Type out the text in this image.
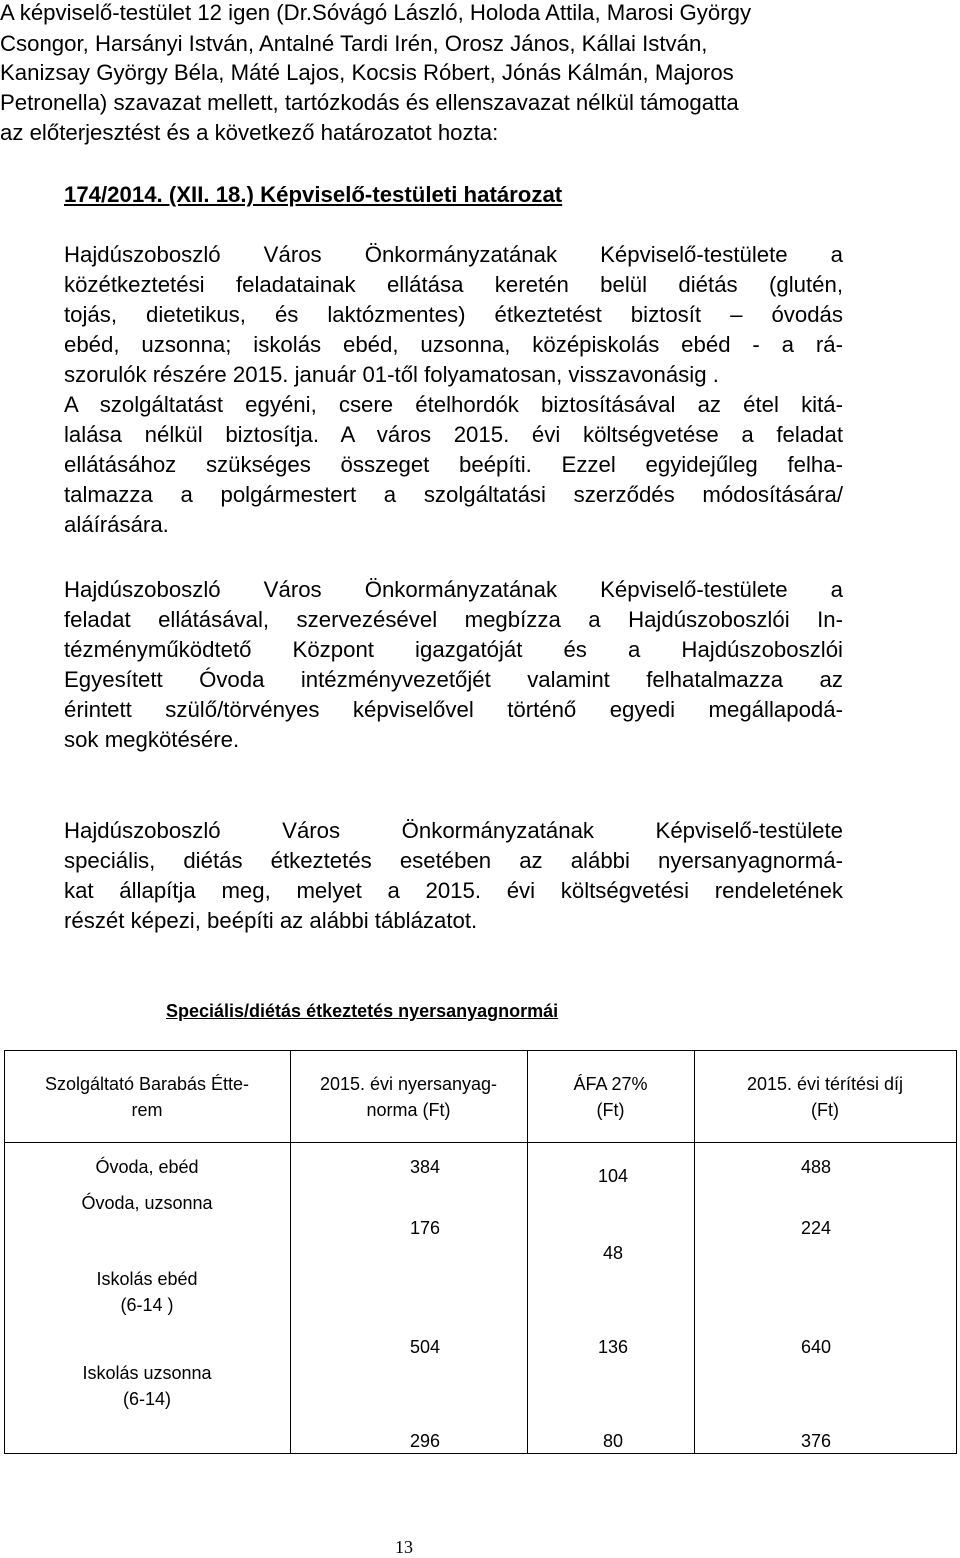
A képviselő-testület 12 igen (Dr.Sóvágó László, Holoda Attila, Marosi György
Csongor, Harsányi István, Antalné Tardi Irén, Orosz János, Kállai István,
Kanizsay György Béla, Máté Lajos, Kocsis Róbert, Jónás Kálmán, Majoros
Petronella) szavazat mellett, tartózkodás és ellenszavazat nélkül támogatta
az előterjesztést és a következő határozatot hozta:
174/2014. (XII. 18.) Képviselő-testületi határozat
Hajdúszoboszló Város Önkormányzatának Képviselő-testülete a
közétkeztetési feladatainak ellátása keretén belül diétás (glutén,
tojás, dietetikus, és laktózmentes) étkeztetést biztosít – óvodás
ebéd, uzsonna; iskolás ebéd, uzsonna, középiskolás ebéd - a rá-
szorulók részére 2015. január 01-től folyamatosan, visszavonásig .
A szolgáltatást egyéni, csere ételhordók biztosításával az étel kitá-
lalása nélkül biztosítja. A város 2015. évi költségvetése a feladat
ellátásához szükséges összeget beépíti. Ezzel egyidejűleg felha-
talmazza a polgármestert a szolgáltatási szerződés módosítására/
aláírására.
Hajdúszoboszló Város Önkormányzatának Képviselő-testülete a
feladat ellátásával, szervezésével megbízza a Hajdúszoboszlói In-
tézményműködtető Központ igazgatóját és a Hajdúszoboszlói
Egyesített Óvoda intézményvezetőjét valamint felhatalmazza az
érintett szülő/törvényes képviselővel történő egyedi megállapodá-
sok megkötésére.
Hajdúszoboszló Város Önkormányzatának Képviselő-testülete
speciális, diétás étkeztetés esetében az alábbi nyersanyagnormá-
kat állapítja meg, melyet a 2015. évi költségvetési rendeletének
részét képezi, beépíti az alábbi táblázatot.
Speciális/diétás étkeztetés nyersanyagnormái
Szolgáltató Barabás Étte-
rem
2015. évi nyersanyag-
norma (Ft)
ÁFA 27%
(Ft)
2015. évi térítési díj
(Ft)
Óvoda, ebéd
Óvoda, uzsonna
Iskolás ebéd
(6-14 )
Iskolás uzsonna
(6-14)
384
176
504
296
104
48
136
80
488
224
640
376
13
